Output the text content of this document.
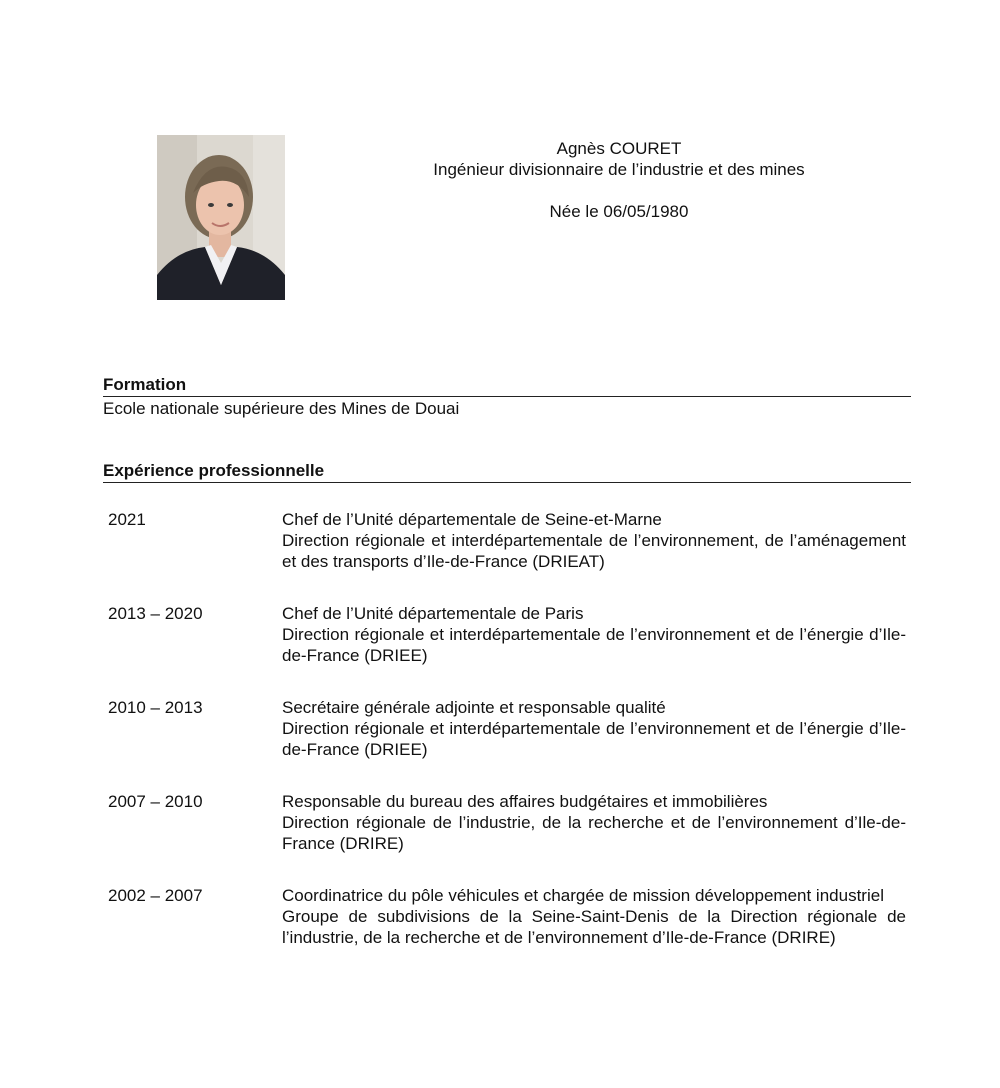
Agnès COURET
Ingénieur divisionnaire de l’industrie et des mines
Née le 06/05/1980
Formation
Ecole nationale supérieure des Mines de Douai
Expérience professionnelle
2021	Chef de l’Unité départementale de Seine-et-Marne
Direction régionale et interdépartementale de l’environnement, de l’aménagement et des transports d’Ile-de-France (DRIEAT)
2013 – 2020	Chef de l’Unité départementale de Paris
Direction régionale et interdépartementale de l’environnement et de l’énergie d’Ile-de-France (DRIEE)
2010 – 2013	Secrétaire générale adjointe et responsable qualité
Direction régionale et interdépartementale de l’environnement et de l’énergie d’Ile-de-France (DRIEE)
2007 – 2010	Responsable du bureau des affaires budgétaires et immobilières
Direction régionale de l’industrie, de la recherche et de l’environnement d’Ile-de-France (DRIRE)
2002 – 2007	Coordinatrice du pôle véhicules et chargée de mission développement industriel
Groupe de subdivisions de la Seine-Saint-Denis de la Direction régionale de l’industrie, de la recherche et de l’environnement d’Ile-de-France (DRIRE)
